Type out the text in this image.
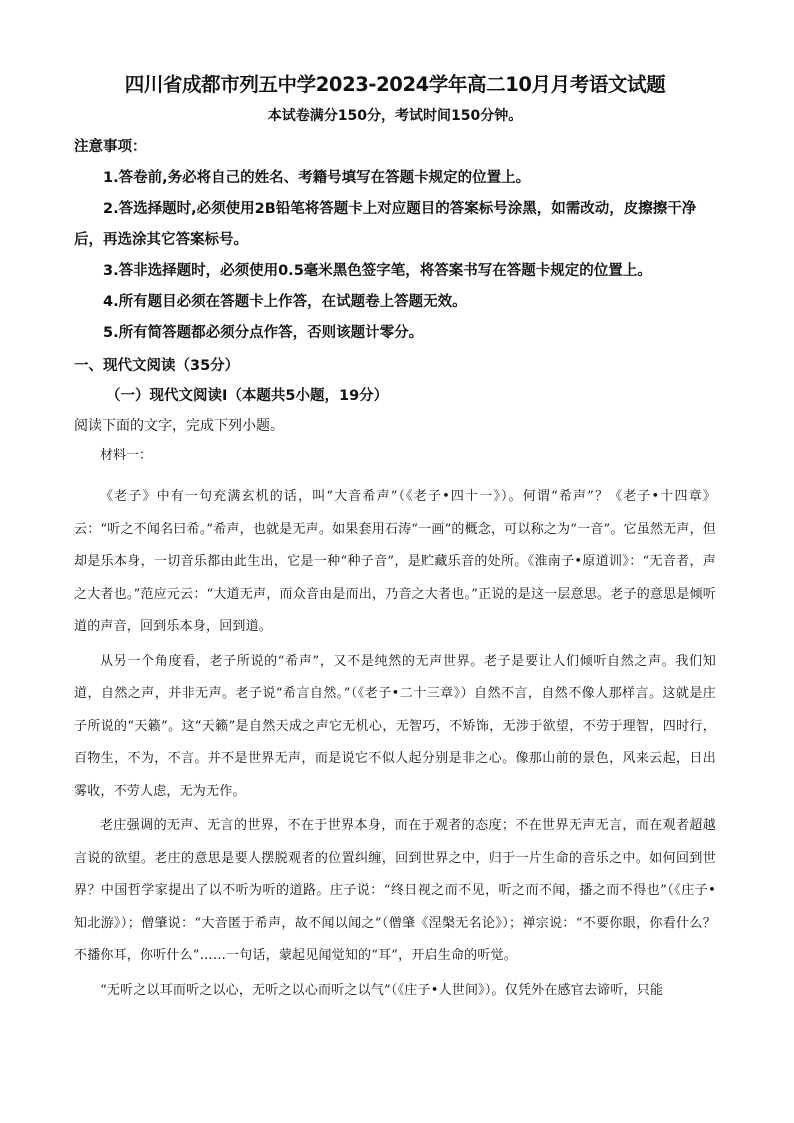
四川省成都市列五中学2023-2024学年高二10月月考语文试题

本试卷满分150分，考试时间150分钟。

注意事项：

1.答卷前,务必将自己的姓名、考籍号填写在答题卡规定的位置上。

2.答选择题时,必须使用2B铅笔将答题卡上对应题目的答案标号涂黑，如需改动，皮擦擦干净后，再选涂其它答案标号。

3.答非选择题时，必须使用0.5毫米黑色签字笔，将答案书写在答题卡规定的位置上。

4.所有题目必须在答题卡上作答，在试题卷上答题无效。

5.所有简答题都必须分点作答，否则该题计零分。

一、现代文阅读（35分）

（一）现代文阅读Ⅰ（本题共5小题，19分）

阅读下面的文字，完成下列小题。

材料一：

《老子》中有一句充满玄机的话，叫“大音希声”（《老子•四十一》）。何谓“希声”？《老子•十四章》云：“听之不闻名曰希。”希声，也就是无声。如果套用石涛“一画”的概念，可以称之为“一音”。它虽然无声，但却是乐本身，一切音乐都由此生出，它是一种“种子音”，是贮藏乐音的处所。《淮南子•原道训》：“无音者，声之大者也。”范应元云：“大道无声，而众音由是而出，乃音之大者也。”正说的是这一层意思。老子的意思是倾听道的声音，回到乐本身，回到道。

从另一个角度看，老子所说的“希声”，又不是纯然的无声世界。老子是要让人们倾听自然之声。我们知道，自然之声，并非无声。老子说“希言自然。”（《老子•二十三章》）自然不言，自然不像人那样言。这就是庄子所说的“天籁”。这“天籁”是自然天成之声它无机心，无智巧，不矫饰，无涉于欲望，不劳于理智，四时行，百物生，不为，不言。并不是世界无声，而是说它不似人起分别是非之心。像那山前的景色，风来云起，日出雾收，不劳人虑，无为无作。

老庄强调的无声、无言的世界，不在于世界本身，而在于观者的态度；不在世界无声无言，而在观者超越言说的欲望。老庄的意思是要人摆脱观者的位置纠缠，回到世界之中，归于一片生命的音乐之中。如何回到世界？中国哲学家提出了以不听为听的道路。庄子说：“终日视之而不见，听之而不闻，播之而不得也”（《庄子•知北游》）；僧肇说：“大音匿于希声，故不闻以闻之”（僧肇《涅槃无名论》）；禅宗说：“不要你眼，你看什么？不播你耳，你听什么”……一句话，蒙起见闻觉知的“耳”，开启生命的听觉。

“无听之以耳而听之以心，无听之以心而听之以气”（《庄子•人世间》）。仅凭外在感官去谛听，只能
